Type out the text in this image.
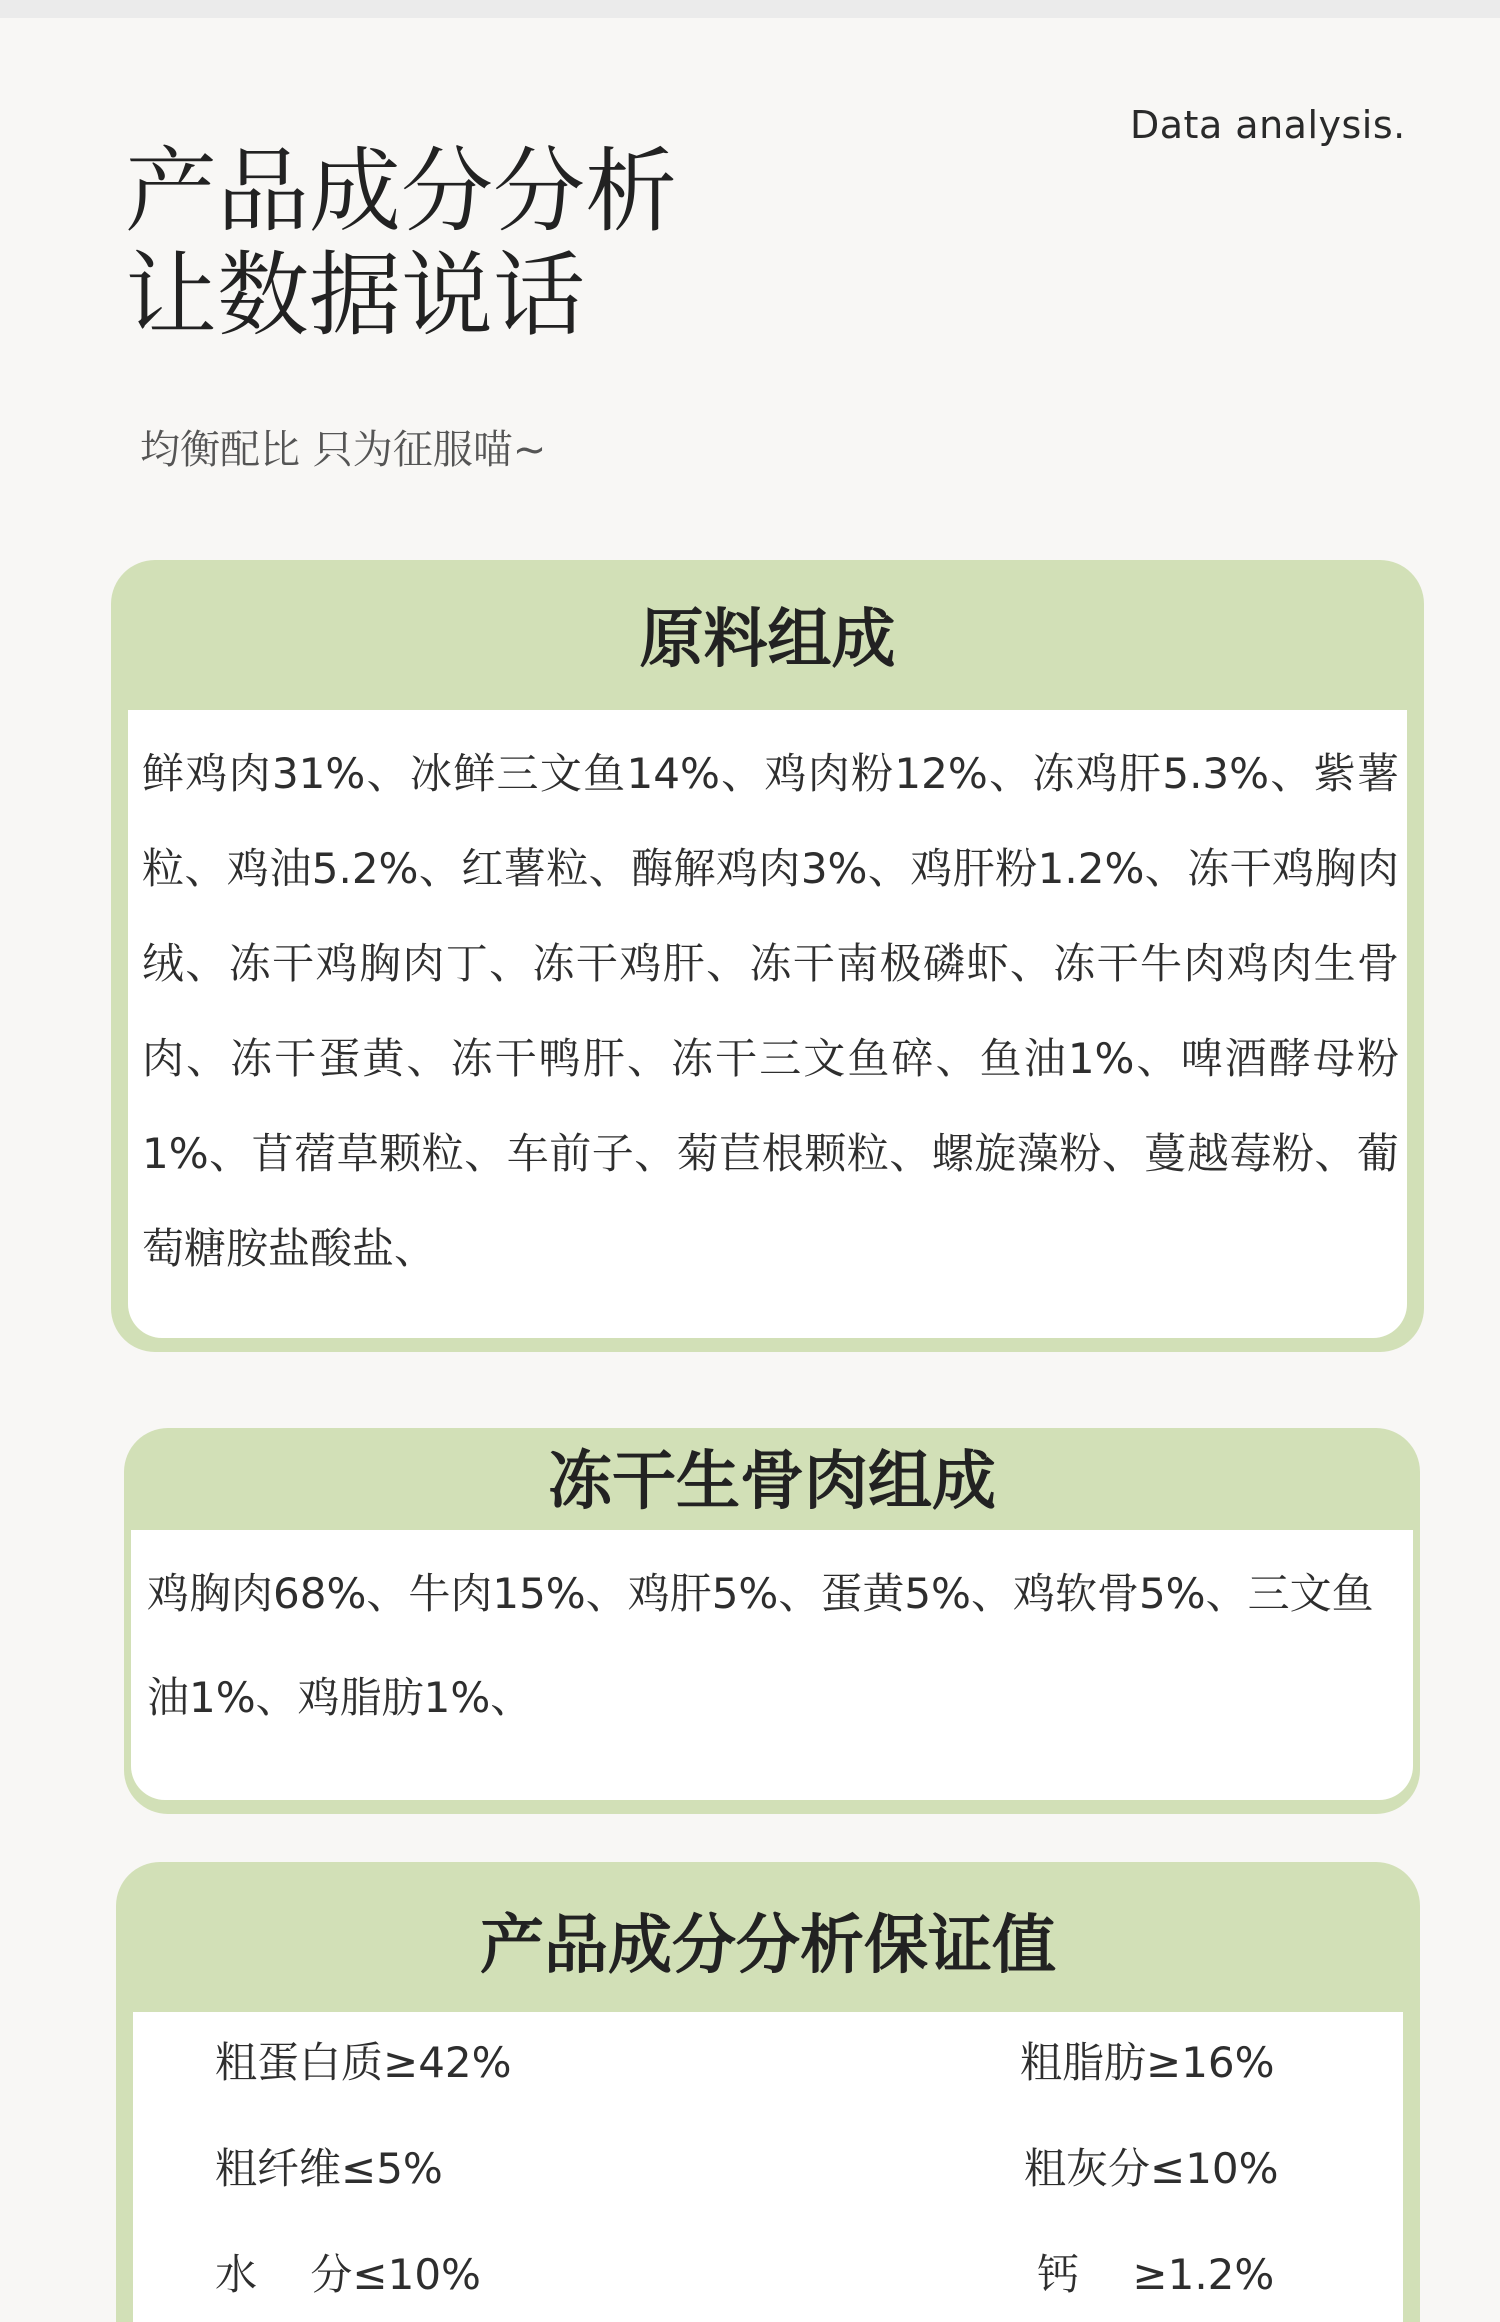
Data analysis.
产品成分分析
让数据说话
均衡配比 只为征服喵~
原料组成
鲜鸡肉31%、冰鲜三文鱼14%、鸡肉粉12%、冻鸡肝5.3%、紫薯粒、鸡油5.2%、红薯粒、酶解鸡肉3%、鸡肝粉1.2%、冻干鸡胸肉绒、冻干鸡胸肉丁、冻干鸡肝、冻干南极磷虾、冻干牛肉鸡肉生骨肉、冻干蛋黄、冻干鸭肝、冻干三文鱼碎、鱼油1%、啤酒酵母粉1%、苜蓿草颗粒、车前子、菊苣根颗粒、螺旋藻粉、蔓越莓粉、葡萄糖胺盐酸盐、
冻干生骨肉组成
鸡胸肉68%、牛肉15%、鸡肝5%、蛋黄5%、鸡软骨5%、三文鱼油1%、鸡脂肪1%、
产品成分分析保证值
粗蛋白质≥42%	粗脂肪≥16%
粗纤维≤5%	粗灰分≤10%
水    分≤10%	钙    ≥1.2%
